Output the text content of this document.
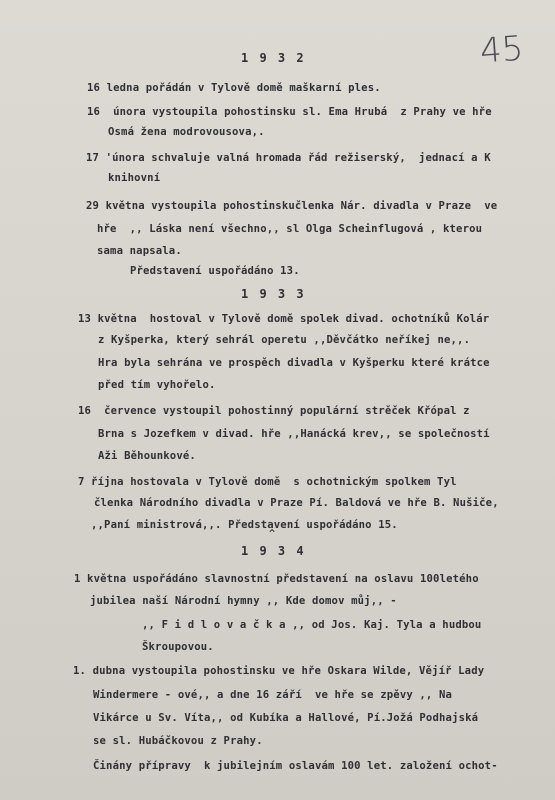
45
1 9 3 2
16 ledna pořádán v Tylově domě maškarní ples.
16  února vystoupila pohostinsku sl. Ema Hrubá  z Prahy ve hře
Osmá žena modrovousova,.
17 'února schvaluje valná hromada řád režiserský,  jednací a K
knihovní
29 května vystoupila pohostinskučlenka Nár. divadla v Praze  ve
hře  ,, Láska není všechno,, sl Olga Scheinflugová , kterou
sama napsala.
Představení uspořádáno 13.
1 9 3 3
13 května  hostoval v Tylově domě spolek divad. ochotníků Kolár
z Kyšperka, který sehrál operetu ,,Děvčátko neříkej ne,,.
Hra byla sehrána ve prospěch divadla v Kyšperku které krátce
před tím vyhořelo.
16  července vystoupil pohostinný populární strěček Křópal z
Brna s Jozefkem v divad. hře ,,Hanácká krev,, se společností
Aži Běhounkové.
7 října hostovala v Tylově domě  s ochotnickým spolkem Tyl
členka Národního divadla v Praze Pí. Baldová ve hře B. Nušiče,
,,Paní ministrová,,. Představení uspořádáno 15.
⌃
1 9 3 4
1 května uspořádáno slavnostní představení na oslavu 100letého
jubilea naší Národní hymny ,, Kde domov můj,, -
,, F i d l o v a č k a ,, od Jos. Kaj. Tyla a hudbou
Škroupovou.
1. dubna vystoupila pohostinsku ve hře Oskara Wilde, Vějíř Lady
Windermere - ové,, a dne 16 září  ve hře se zpěvy ,, Na
Vikárce u Sv. Víta,, od Kubíka a Hallové, Pí.Jožá Podhajská
se sl. Hubáčkovou z Prahy.
Činány přípravy  k jubilejním oslavám 100 let. založení ochot-
